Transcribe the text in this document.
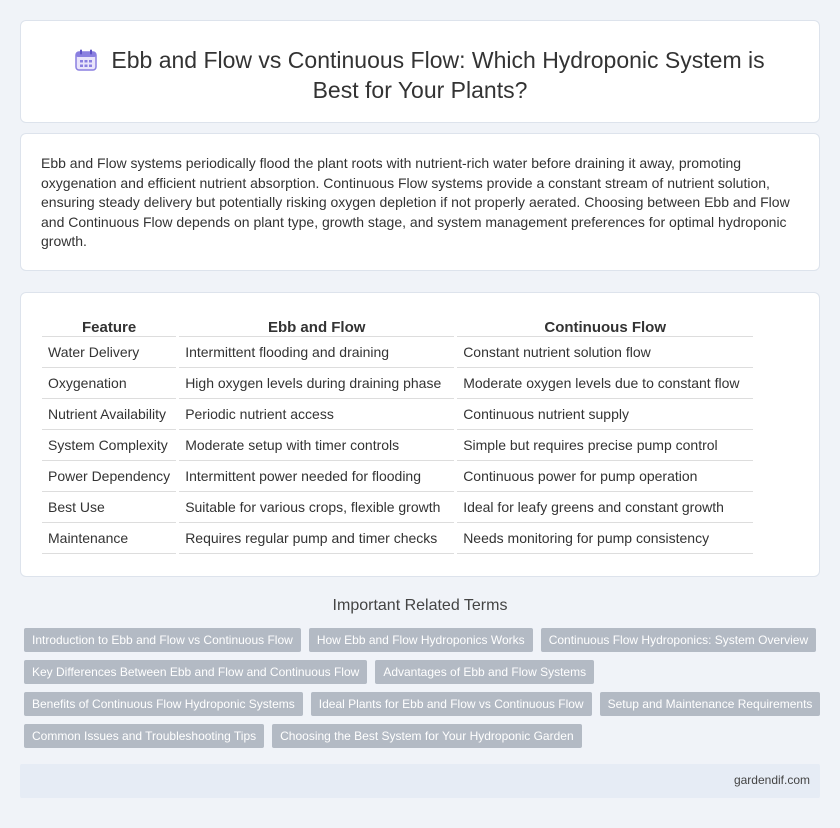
Ebb and Flow vs Continuous Flow: Which Hydroponic System is Best for Your Plants?

Ebb and Flow systems periodically flood the plant roots with nutrient-rich water before draining it away, promoting oxygenation and efficient nutrient absorption. Continuous Flow systems provide a constant stream of nutrient solution, ensuring steady delivery but potentially risking oxygen depletion if not properly aerated. Choosing between Ebb and Flow and Continuous Flow depends on plant type, growth stage, and system management preferences for optimal hydroponic growth.

Feature		Ebb and Flow		Continuous Flow
Water Delivery		Intermittent flooding and draining		Constant nutrient solution flow
Oxygenation		High oxygen levels during draining phase		Moderate oxygen levels due to constant flow
Nutrient Availability		Periodic nutrient access		Continuous nutrient supply
System Complexity		Moderate setup with timer controls		Simple but requires precise pump control
Power Dependency		Intermittent power needed for flooding		Continuous power for pump operation
Best Use		Suitable for various crops, flexible growth		Ideal for leafy greens and constant growth
Maintenance		Requires regular pump and timer checks		Needs monitoring for pump consistency
Important Related Terms
Introduction to Ebb and Flow vs Continuous Flow	How Ebb and Flow Hydroponics Works	Continuous Flow Hydroponics: System Overview
Key Differences Between Ebb and Flow and Continuous Flow	Advantages of Ebb and Flow Systems
Benefits of Continuous Flow Hydroponic Systems	Ideal Plants for Ebb and Flow vs Continuous Flow	Setup and Maintenance Requirements
Common Issues and Troubleshooting Tips	Choosing the Best System for Your Hydroponic Garden
gardendif.com
